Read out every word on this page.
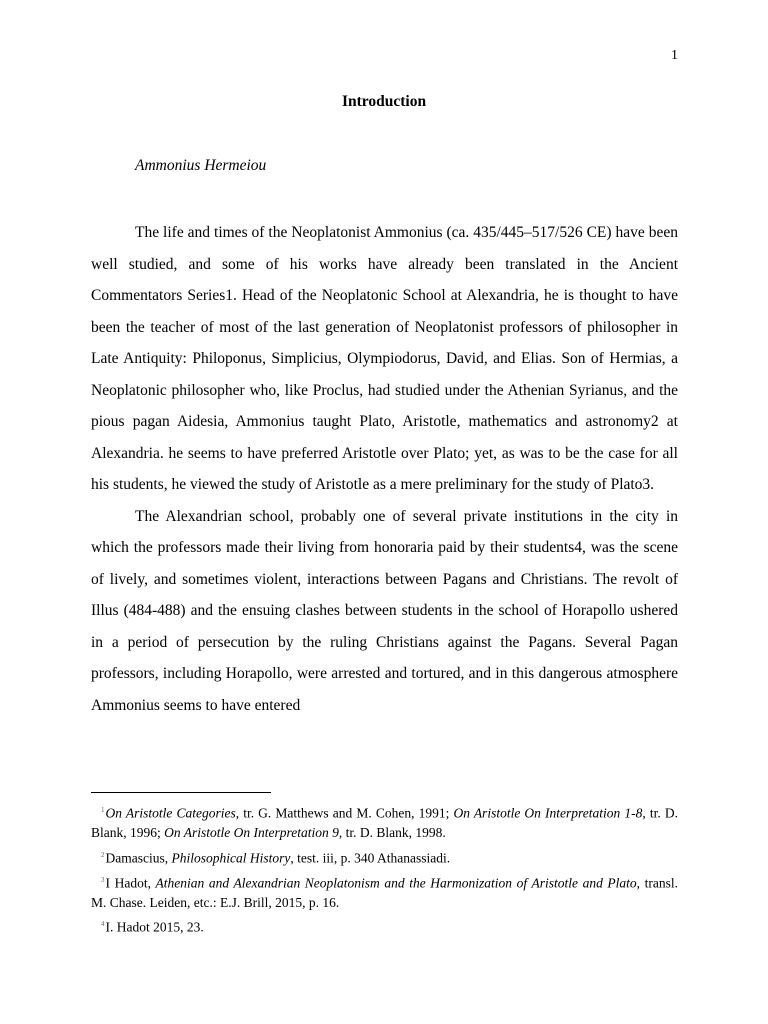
1
Introduction
Ammonius Hermeiou

The life and times of the Neoplatonist Ammonius (ca. 435/445–517/526 CE) have been well studied, and some of his works have already been translated in the Ancient Commentators Series1. Head of the Neoplatonic School at Alexandria, he is thought to have been the teacher of most of the last generation of Neoplatonist professors of philosopher in Late Antiquity: Philoponus, Simplicius, Olympiodorus, David, and Elias. Son of Hermias, a Neoplatonic philosopher who, like Proclus, had studied under the Athenian Syrianus, and the pious pagan Aidesia, Ammonius taught Plato, Aristotle, mathematics and astronomy2 at Alexandria. he seems to have preferred Aristotle over Plato; yet, as was to be the case for all his students, he viewed the study of Aristotle as a mere preliminary for the study of Plato3.

The Alexandrian school, probably one of several private institutions in the city in which the professors made their living from honoraria paid by their students4, was the scene of lively, and sometimes violent, interactions between Pagans and Christians. The revolt of Illus (484-488) and the ensuing clashes between students in the school of Horapollo ushered in a period of persecution by the ruling Christians against the Pagans. Several Pagan professors, including Horapollo, were arrested and tortured, and in this dangerous atmosphere Ammonius seems to have entered

$^1$On Aristotle Categories, tr. G. Matthews and M. Cohen, 1991; On Aristotle On Interpretation 1-8, tr. D. Blank, 1996; On Aristotle On Interpretation 9, tr. D. Blank, 1998.
$^2$Damascius, Philosophical History, test. iii, p. 340 Athanassiadi.
$^3$I Hadot, Athenian and Alexandrian Neoplatonism and the Harmonization of Aristotle and Plato, transl. M. Chase. Leiden, etc.: E.J. Brill, 2015, p. 16.
$^4$I. Hadot 2015, 23.
